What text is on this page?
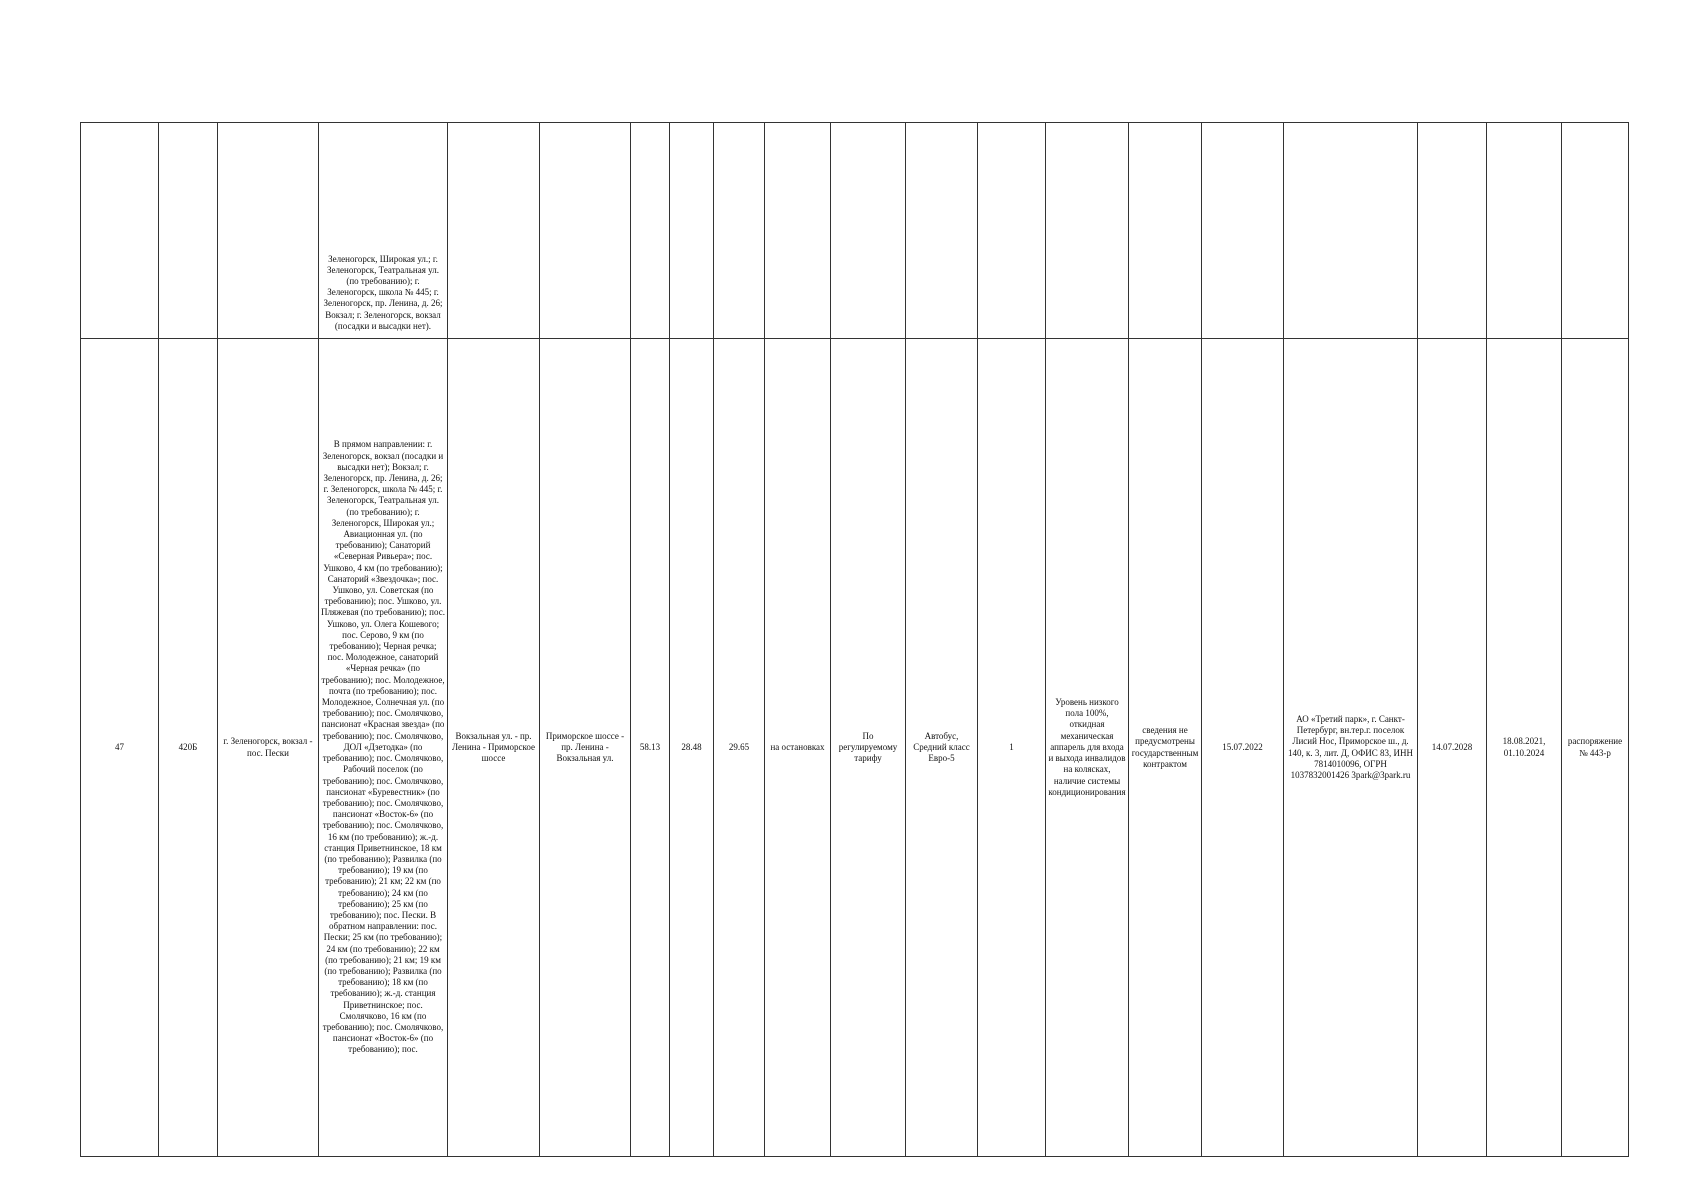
			Зеленогорск, Широкая ул.; г. Зеленогорск, Театральная ул. (по требованию); г. Зеленогорск, школа № 445; г. Зеленогорск, пр. Ленина, д. 26; Вокзал; г. Зеленогорск, вокзал (посадки и высадки нет).																
47	420Б	г. Зеленогорск, вокзал - пос. Пески	В прямом направлении: г. Зеленогорск, вокзал (посадки и высадки нет); Вокзал; г. Зеленогорск, пр. Ленина, д. 26; г. Зеленогорск, школа № 445; г. Зеленогорск, Театральная ул. (по требованию); г. Зеленогорск, Широкая ул.; Авиационная ул. (по требованию); Санаторий «Северная Ривьера»; пос. Ушково, 4 км (по требованию); Санаторий «Звездочка»; пос. Ушково, ул. Советская (по требованию); пос. Ушково, ул. Пляжевая (по требованию); пос. Ушково, ул. Олега Кошевого; пос. Серово, 9 км (по требованию); Черная речка; пос. Молодежное, санаторий «Черная речка» (по требованию); пос. Молодежное, почта (по требованию); пос. Молодежное, Солнечная ул. (по требованию); пос. Смолячково, пансионат «Красная звезда» (по требованию); пос. Смолячково, ДОЛ «Дзетодка» (по требованию); пос. Смолячково, Рабочий поселок (по требованию); пос. Смолячково, пансионат «Буревестник» (по требованию); пос. Смолячково, пансионат «Восток-6» (по требованию); пос. Смолячково, 16 км (по требованию); ж.-д. станция Приветнинское, 18 км (по требованию); Развилка (по требованию); 19 км (по требованию); 21 км; 22 км (по требованию); 24 км (по требованию); 25 км (по требованию); пос. Пески. В обратном направлении: пос. Пески; 25 км (по требованию); 24 км (по требованию); 22 км (по требованию); 21 км; 19 км (по требованию); Развилка (по требованию); 18 км (по требованию); ж.-д. станция Приветнинское; пос. Смолячково, 16 км (по требованию); пос. Смолячково, пансионат «Восток-6» (по требованию); пос.	Вокзальная ул. - пр. Ленина - Приморское шоссе	Приморское шоссе - пр. Ленина - Вокзальная ул.	58.13	28.48	29.65	на остановках	По регулируемому тарифу	Автобус, Средний класс Евро-5	1	Уровень низкого пола 100%, откидная механическая аппарель для входа и выхода инвалидов на колясках, наличие системы кондиционирования	сведения не предусмотрены государственным контрактом	15.07.2022	АО «Третий парк», г. Санкт-Петербург, вн.тер.г. поселок Лисий Нос, Приморское ш., д. 140, к. 3, лит. Д, ОФИС 83, ИНН 7814010096, ОГРН 1037832001426 3park@3park.ru	14.07.2028	18.08.2021, 01.10.2024	распоряжение № 443-р
